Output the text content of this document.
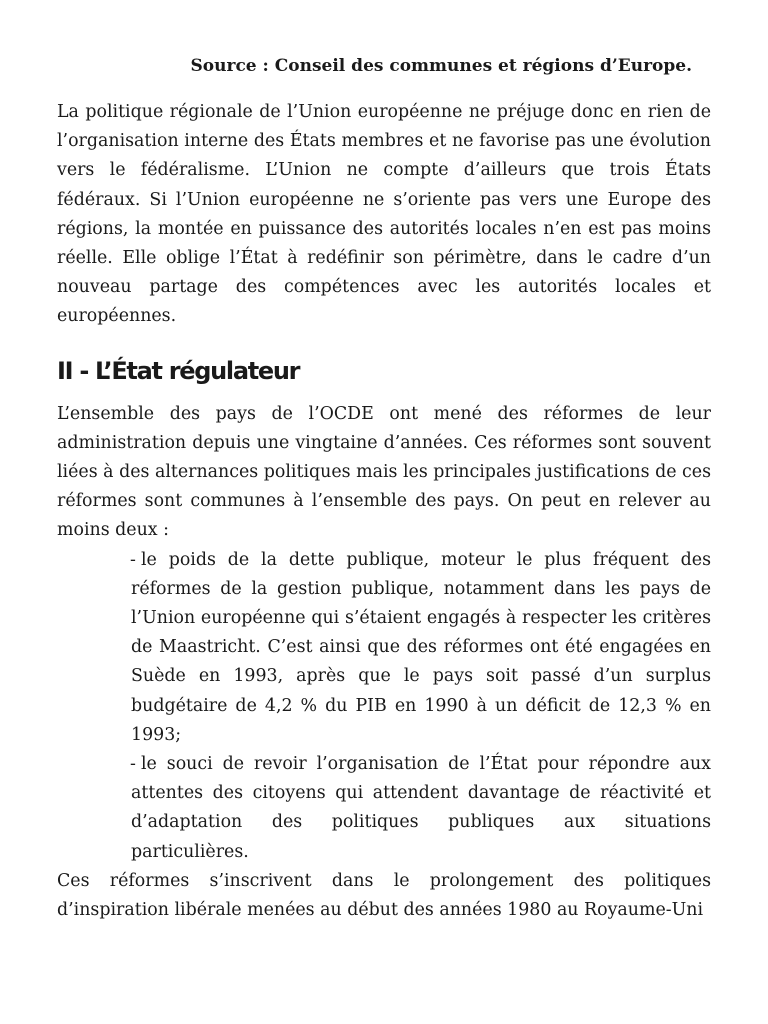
Source : Conseil des communes et régions d’Europe.

La politique régionale de l’Union européenne ne préjuge donc en rien de l’organisation interne des États membres et ne favorise pas une évolution vers le fédéralisme. L’Union ne compte d’ailleurs que trois États fédéraux. Si l’Union européenne ne s’oriente pas vers une Europe des régions, la montée en puissance des autorités locales n’en est pas moins réelle. Elle oblige l’État à redéfinir son périmètre, dans le cadre d’un nouveau partage des compétences avec les autorités locales et européennes.

II - L’État régulateur

L’ensemble des pays de l’OCDE ont mené des réformes de leur administration depuis une vingtaine d’années. Ces réformes sont souvent liées à des alternances politiques mais les principales justifications de ces réformes sont communes à l’ensemble des pays. On peut en relever au moins deux :

- le poids de la dette publique, moteur le plus fréquent des réformes de la gestion publique, notamment dans les pays de l’Union européenne qui s’étaient engagés à respecter les critères de Maastricht. C’est ainsi que des réformes ont été engagées en Suède en 1993, après que le pays soit passé d’un surplus budgétaire de 4,2 % du PIB en 1990 à un déficit de 12,3 % en 1993;
- le souci de revoir l’organisation de l’État pour répondre aux attentes des citoyens qui attendent davantage de réactivité et d’adaptation des politiques publiques aux situations particulières.

Ces réformes s’inscrivent dans le prolongement des politiques d’inspiration libérale menées au début des années 1980 au Royaume-Uni
